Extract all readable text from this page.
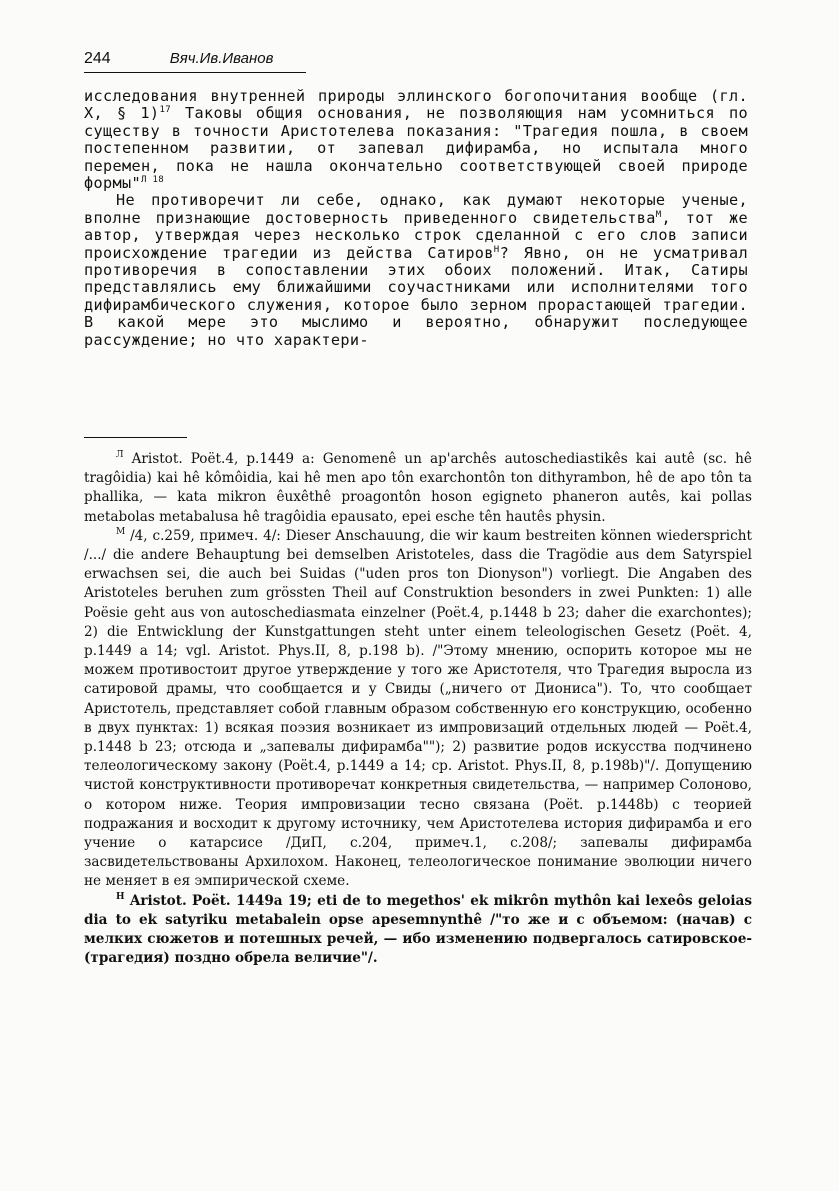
244	Вяч.Ив.Иванов

исследования внутренней природы эллинского богопочитания вообще (гл. X, § 1)$^{17}$ Таковы общия основания, не позволяющия нам усомниться по существу в точности Аристотелева показания: "Трагедия пошла, в своем постепенном развитии, от запевал дифирамба, но испытала много перемен, пока не нашла окончательно соответствующей своей природе формы"$^{Л 18}$

Не противоречит ли себе, однако, как думают некоторые ученые, вполне признающие достоверность приведенного свидетельства$^М$, тот же автор, утверждая через несколько строк сделанной с его слов записи происхождение трагедии из действа Сатиров$^Н$? Явно, он не усматривал противоречия в сопоставлении этих обоих положений. Итак, Сатиры представлялись ему ближайшими соучастниками или исполнителями того дифирамбического служения, которое было зерном прорастающей трагедии. В какой мере это мыслимо и вероятно, обнаружит последующее рассуждение; но что характери-

$^Л$ Aristot. Poët.4, p.1449 a: Genomenê un ap'archês autoschediastikês kai autê (sc. hê tragôidia) kai hê kômôidia, kai hê men apo tôn exarchontôn ton dithyrambon, hê de apo tôn ta phallika, — kata mikron êuxêthê proagontôn hoson egigneto phaneron autês, kai pollas metabolas metabalusa hê tragôidia epausato, epei esche tên hautês physin.

$^М$ /4, с.259, примеч. 4/: Dieser Anschauung, die wir kaum bestreiten können wiederspricht /.../ die andere Behauptung bei demselben Aristoteles, dass die Tragödie aus dem Satyrspiel erwachsen sei, die auch bei Suidas ("uden pros ton Dionyson") vorliegt. Die Angaben des Aristoteles beruhen zum grössten Theil auf Construktion besonders in zwei Punkten: 1) alle Poësie geht aus von autoschediasmata einzelner (Poët.4, p.1448 b 23; daher die exarchontes); 2) die Entwicklung der Kunstgattungen steht unter einem teleologischen Gesetz (Poët. 4, p.1449 a 14; vgl. Aristot. Phys.II, 8, p.198 b). /"Этому мнению, оспорить которое мы не можем противостоит другое утверждение у того же Аристотеля, что Трагедия выросла из сатировой драмы, что сообщается и у Свиды („ничего от Диониса"). То, что сообщает Аристотель, представляет собой главным образом собственную его конструкцию, особенно в двух пунктах: 1) всякая поэзия возникает из импровизаций отдельных людей — Poët.4, p.1448 b 23; отсюда и „запевалы дифирамба""); 2) развитие родов искусства подчинено телеологическому закону (Poët.4, p.1449 a 14; ср. Aristot. Phys.II, 8, p.198b)"/. Допущению чистой конструктивности противоречат конкретныя свидетельства, — например Солоново, о котором ниже. Теория импровизации тесно связана (Poët. p.1448b) с теорией подражания и восходит к другому источнику, чем Аристотелева история дифирамба и его учение о катарсисе /ДиП, с.204, примеч.1, с.208/; запевалы дифирамба засвидетельствованы Архилохом. Наконец, телеологическое понимание эволюции ничего не меняет в ея эмпирической схеме.

$^Н$ Aristot. Poët. 1449a 19; eti de to megethos' ek mikrôn mythôn kai lexeôs geloias dia to ek satyriku metabalein opse apesemnynthê /"то же и с объемом: (начав) с мелких сюжетов и потешных речей, — ибо изменению подвергалось сатировское- (трагедия) поздно обрела величие"/.
